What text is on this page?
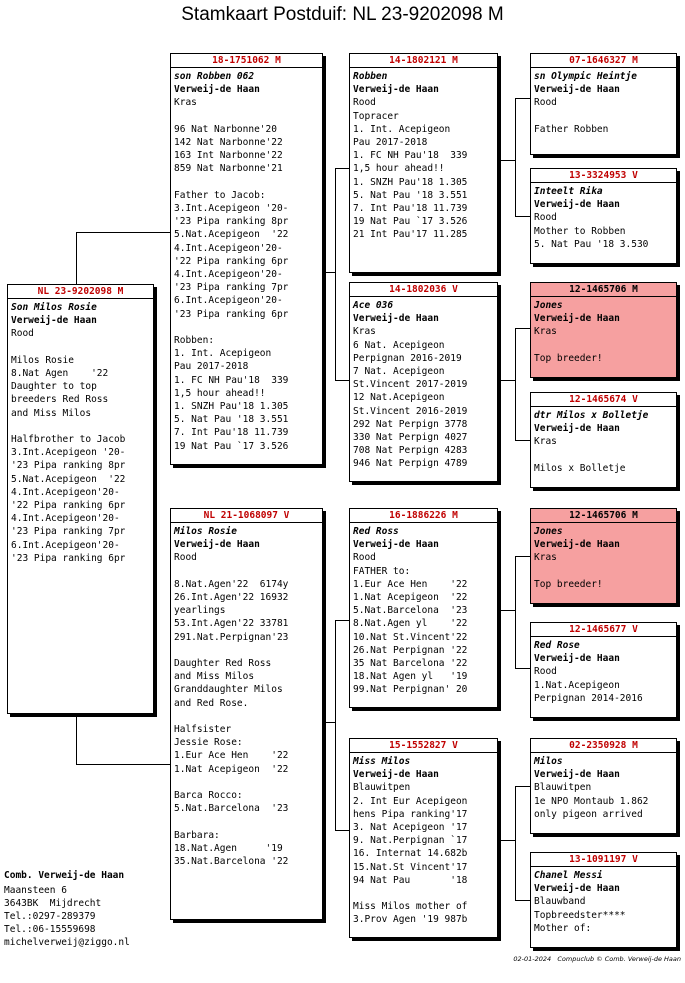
Stamkaart Postduif: NL 23-9202098 M
NL 23-9202098 M
Son Milos Rosie
Verweij-de Haan
Rood
Milos Rosie
8.Nat Agen    '22
Daughter to top
breeders Red Ross
and Miss Milos
Halfbrother to Jacob
3.Int.Acepigeon '20-
'23 Pipa ranking 8pr
5.Nat.Acepigeon  '22
4.Int.Acepigeon'20-
'22 Pipa ranking 6pr
4.Int.Acepigeon'20-
'23 Pipa ranking 7pr
6.Int.Acepigeon'20-
'23 Pipa ranking 6pr
18-1751062 M
son Robben 062
Verweij-de Haan
Kras
96 Nat Narbonne'20
142 Nat Narbonne'22
163 Int Narbonne'22
859 Nat Narbonne'21
Father to Jacob:
3.Int.Acepigeon '20-
'23 Pipa ranking 8pr
5.Nat.Acepigeon  '22
4.Int.Acepigeon'20-
'22 Pipa ranking 6pr
4.Int.Acepigeon'20-
'23 Pipa ranking 7pr
6.Int.Acepigeon'20-
'23 Pipa ranking 6pr
Robben:
1. Int. Acepigeon
Pau 2017-2018
1. FC NH Pau'18  339
1,5 hour ahead!!
1. SNZH Pau'18 1.305
5. Nat Pau '18 3.551
7. Int Pau'18 11.739
19 Nat Pau `17 3.526
NL 21-1068097 V
Milos Rosie
Verweij-de Haan
Rood
8.Nat.Agen'22  6174y
26.Int.Agen'22 16932
yearlings
53.Int.Agen'22 33781
291.Nat.Perpignan'23
Daughter Red Ross
and Miss Milos
Granddaughter Milos
and Red Rose.
Halfsister
Jessie Rose:
1.Eur Ace Hen    '22
1.Nat Acepigeon  '22
Barca Rocco:
5.Nat.Barcelona  '23
Barbara:
18.Nat.Agen     '19
35.Nat.Barcelona '22
14-1802121 M
Robben
Verweij-de Haan
Rood
Topracer
1. Int. Acepigeon
Pau 2017-2018
1. FC NH Pau'18  339
1,5 hour ahead!!
1. SNZH Pau'18 1.305
5. Nat Pau '18 3.551
7. Int Pau'18 11.739
19 Nat Pau `17 3.526
21 Int Pau'17 11.285
14-1802036 V
Ace 036
Verweij-de Haan
Kras
6 Nat. Acepigeon
Perpignan 2016-2019
7 Nat. Acepigeon
St.Vincent 2017-2019
12 Nat.Acepigeon
St.Vincent 2016-2019
292 Nat Perpign 3778
330 Nat Perpign 4027
708 Nat Perpign 4283
946 Nat Perpign 4789
16-1886226 M
Red Ross
Verweij-de Haan
Rood
FATHER to:
1.Eur Ace Hen    '22
1.Nat Acepigeon  '22
5.Nat.Barcelona  '23
8.Nat.Agen yl    '22
10.Nat St.Vincent'22
26.Nat Perpignan '22
35 Nat Barcelona '22
18.Nat Agen yl   '19
99.Nat Perpignan' 20
15-1552827 V
Miss Milos
Verweij-de Haan
Blauwitpen
2. Int Eur Acepigeon
hens Pipa ranking'17
3. Nat Acepigeon '17
9. Nat.Perpignan `17
16. Internat 14.682b
15.Nat.St Vincent'17
94 Nat Pau       '18
Miss Milos mother of
3.Prov Agen '19 987b
07-1646327 M
sn Olympic Heintje
Verweij-de Haan
Rood
Father Robben
13-3324953 V
Inteelt Rika
Verweij-de Haan
Rood
Mother to Robben
5. Nat Pau '18 3.530
12-1465706 M
Jones
Verweij-de Haan
Kras
Top breeder!
12-1465674 V
dtr Milos x Bolletje
Verweij-de Haan
Kras
Milos x Bolletje
12-1465706 M
Jones
Verweij-de Haan
Kras
Top breeder!
12-1465677 V
Red Rose
Verweij-de Haan
Rood
1.Nat.Acepigeon
Perpignan 2014-2016
02-2350928 M
Milos
Verweij-de Haan
Blauwitpen
1e NPO Montaub 1.862
only pigeon arrived
13-1091197 V
Chanel Messi
Verweij-de Haan
Blauwband
Topbreedster****
Mother of:
Comb. Verweij-de Haan
Maansteen 6
3643BK  Mijdrecht
Tel.:0297-289379
Tel.:06-15559698
michelverweij@ziggo.nl
02-01-2024   Compuclub © Comb. Verweij-de Haan
